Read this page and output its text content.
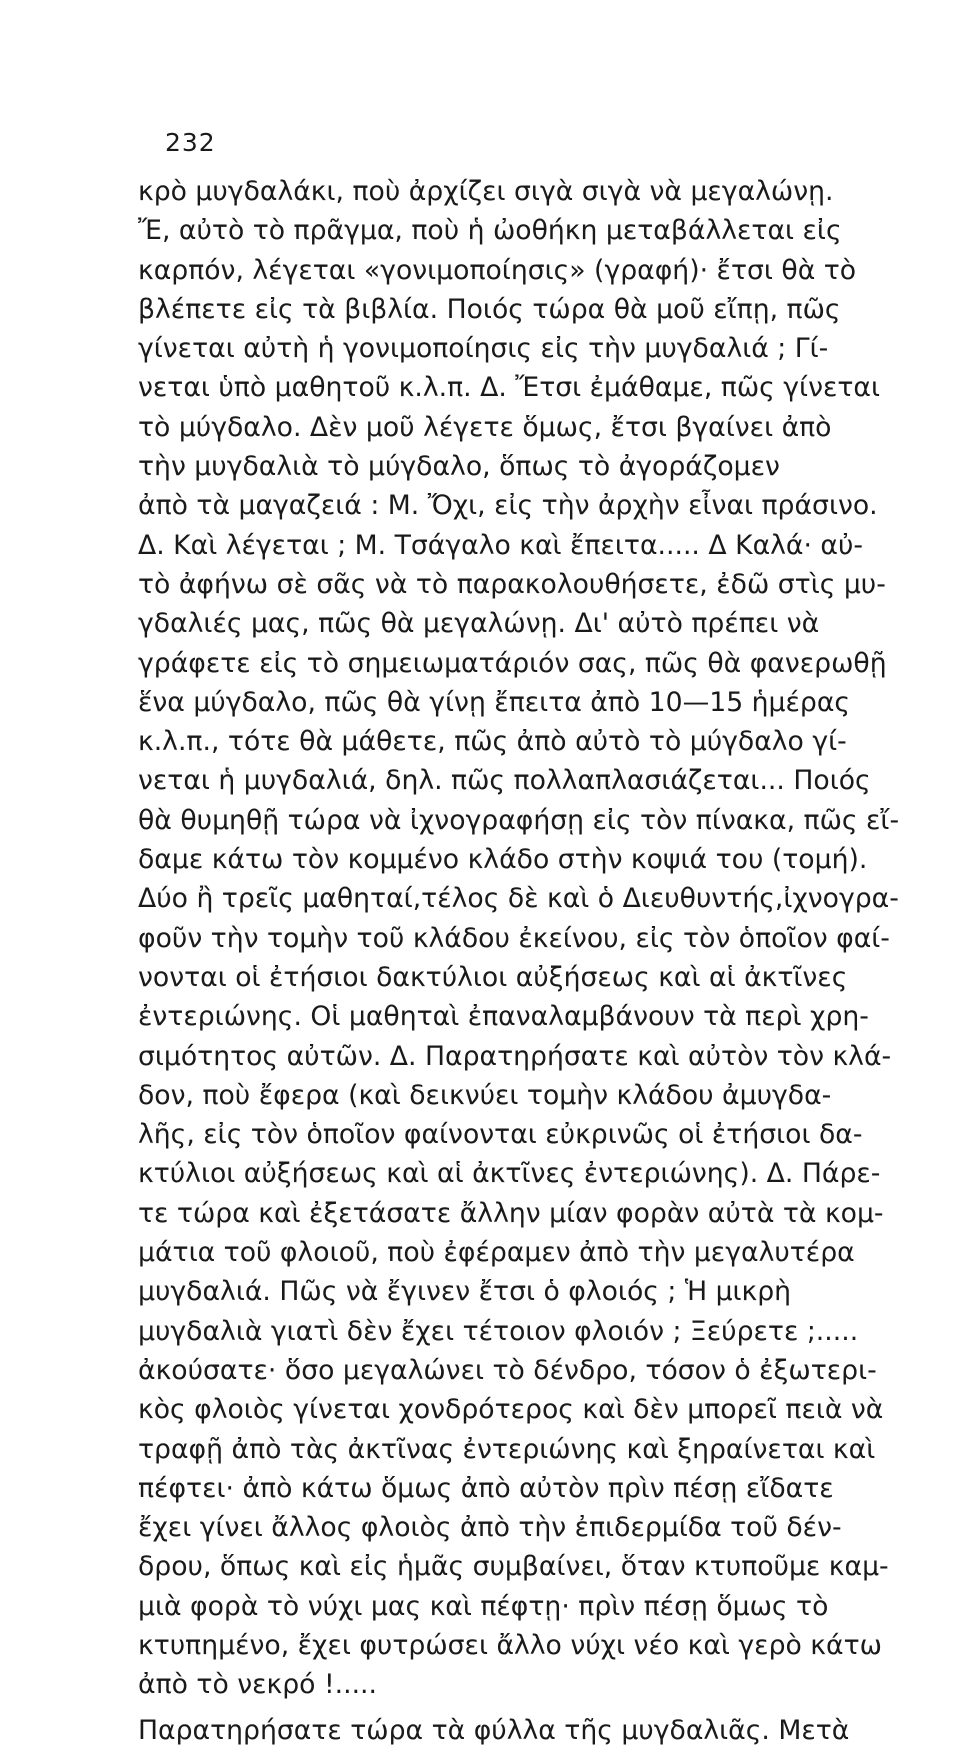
232
κρὸ μυγδαλάκι, ποὺ ἀρχίζει σιγὰ σιγὰ νὰ μεγαλώνῃ.
Ἔ, αὐτὸ τὸ πρᾶγμα, ποὺ ἡ ὠοθήκη μεταβάλλεται εἰς
καρπόν, λέγεται «γονιμοποίησις» (γραφή)· ἔτσι θὰ τὸ
βλέπετε εἰς τὰ βιβλία. Ποιός τώρα θὰ μοῦ εἴπῃ, πῶς
γίνεται αὐτὴ ἡ γονιμοποίησις εἰς τὴν μυγδαλιά ; Γί-
νεται ὑπὸ μαθητοῦ κ.λ.π. Δ. Ἔτσι ἐμάθαμε, πῶς γίνεται
τὸ μύγδαλο. Δὲν μοῦ λέγετε ὅμως, ἔτσι βγαίνει ἀπὸ
τὴν μυγδαλιὰ τὸ μύγδαλο, ὅπως τὸ ἀγοράζομεν
ἀπὸ τὰ μαγαζειά : Μ. Ὄχι, εἰς τὴν ἀρχὴν εἶναι πράσινο.
Δ. Καὶ λέγεται ; Μ. Τσάγαλο καὶ ἔπειτα..... Δ Καλά· αὐ-
τὸ ἀφήνω σὲ σᾶς νὰ τὸ παρακολουθήσετε, ἐδῶ στὶς μυ-
γδαλιές μας, πῶς θὰ μεγαλώνῃ. Δι' αὐτὸ πρέπει νὰ
γράφετε εἰς τὸ σημειωματάριόν σας, πῶς θὰ φανερωθῇ
ἕνα μύγδαλο, πῶς θὰ γίνῃ ἔπειτα ἀπὸ 10—15 ἡμέρας
κ.λ.π., τότε θὰ μάθετε, πῶς ἀπὸ αὐτὸ τὸ μύγδαλο γί-
νεται ἡ μυγδαλιά, δηλ. πῶς πολλαπλασιάζεται... Ποιός
θὰ θυμηθῇ τώρα νὰ ἰχνογραφήσῃ εἰς τὸν πίνακα, πῶς εἴ-
δαμε κάτω τὸν κομμένο κλάδο στὴν κοψιά του (τομή).
Δύο ἢ τρεῖς μαθηταί,τέλος δὲ καὶ ὁ Διευθυντής,ἰχνογρα-
φοῦν τὴν τομὴν τοῦ κλάδου ἐκείνου, εἰς τὸν ὁποῖον φαί-
νονται οἱ ἐτήσιοι δακτύλιοι αὐξήσεως καὶ αἱ ἀκτῖνες
ἐντεριώνης. Οἱ μαθηταὶ ἐπαναλαμβάνουν τὰ περὶ χρη-
σιμότητος αὐτῶν. Δ. Παρατηρήσατε καὶ αὐτὸν τὸν κλά-
δον, ποὺ ἔφερα (καὶ δεικνύει τομὴν κλάδου ἀμυγδα-
λῆς, εἰς τὸν ὁποῖον φαίνονται εὐκρινῶς οἱ ἐτήσιοι δα-
κτύλιοι αὐξήσεως καὶ αἱ ἀκτῖνες ἐντεριώνης). Δ. Πάρε-
τε τώρα καὶ ἐξετάσατε ἄλλην μίαν φορὰν αὐτὰ τὰ κομ-
μάτια τοῦ φλοιοῦ, ποὺ ἐφέραμεν ἀπὸ τὴν μεγαλυτέρα
μυγδαλιά. Πῶς νὰ ἔγινεν ἔτσι ὁ φλοιός ; Ἡ μικρὴ
μυγδαλιὰ γιατὶ δὲν ἔχει τέτοιον φλοιόν ; Ξεύρετε ;.....
ἀκούσατε· ὅσο μεγαλώνει τὸ δένδρο, τόσον ὁ ἐξωτερι-
κὸς φλοιὸς γίνεται χονδρότερος καὶ δὲν μπορεῖ πειὰ νὰ
τραφῇ ἀπὸ τὰς ἀκτῖνας ἐντεριώνης καὶ ξηραίνεται καὶ
πέφτει· ἀπὸ κάτω ὅμως ἀπὸ αὐτὸν πρὶν πέσῃ εἴδατε
ἔχει γίνει ἄλλος φλοιὸς ἀπὸ τὴν ἐπιδερμίδα τοῦ δέν-
δρου, ὅπως καὶ εἰς ἡμᾶς συμβαίνει, ὅταν κτυποῦμε καμ-
μιὰ φορὰ τὸ νύχι μας καὶ πέφτῃ· πρὶν πέσῃ ὅμως τὸ
κτυπημένο, ἔχει φυτρώσει ἄλλο νύχι νέο καὶ γερὸ κάτω
ἀπὸ τὸ νεκρό !.....
Παρατηρήσατε τώρα τὰ φύλλα τῆς μυγδαλιᾶς. Μετὰ
